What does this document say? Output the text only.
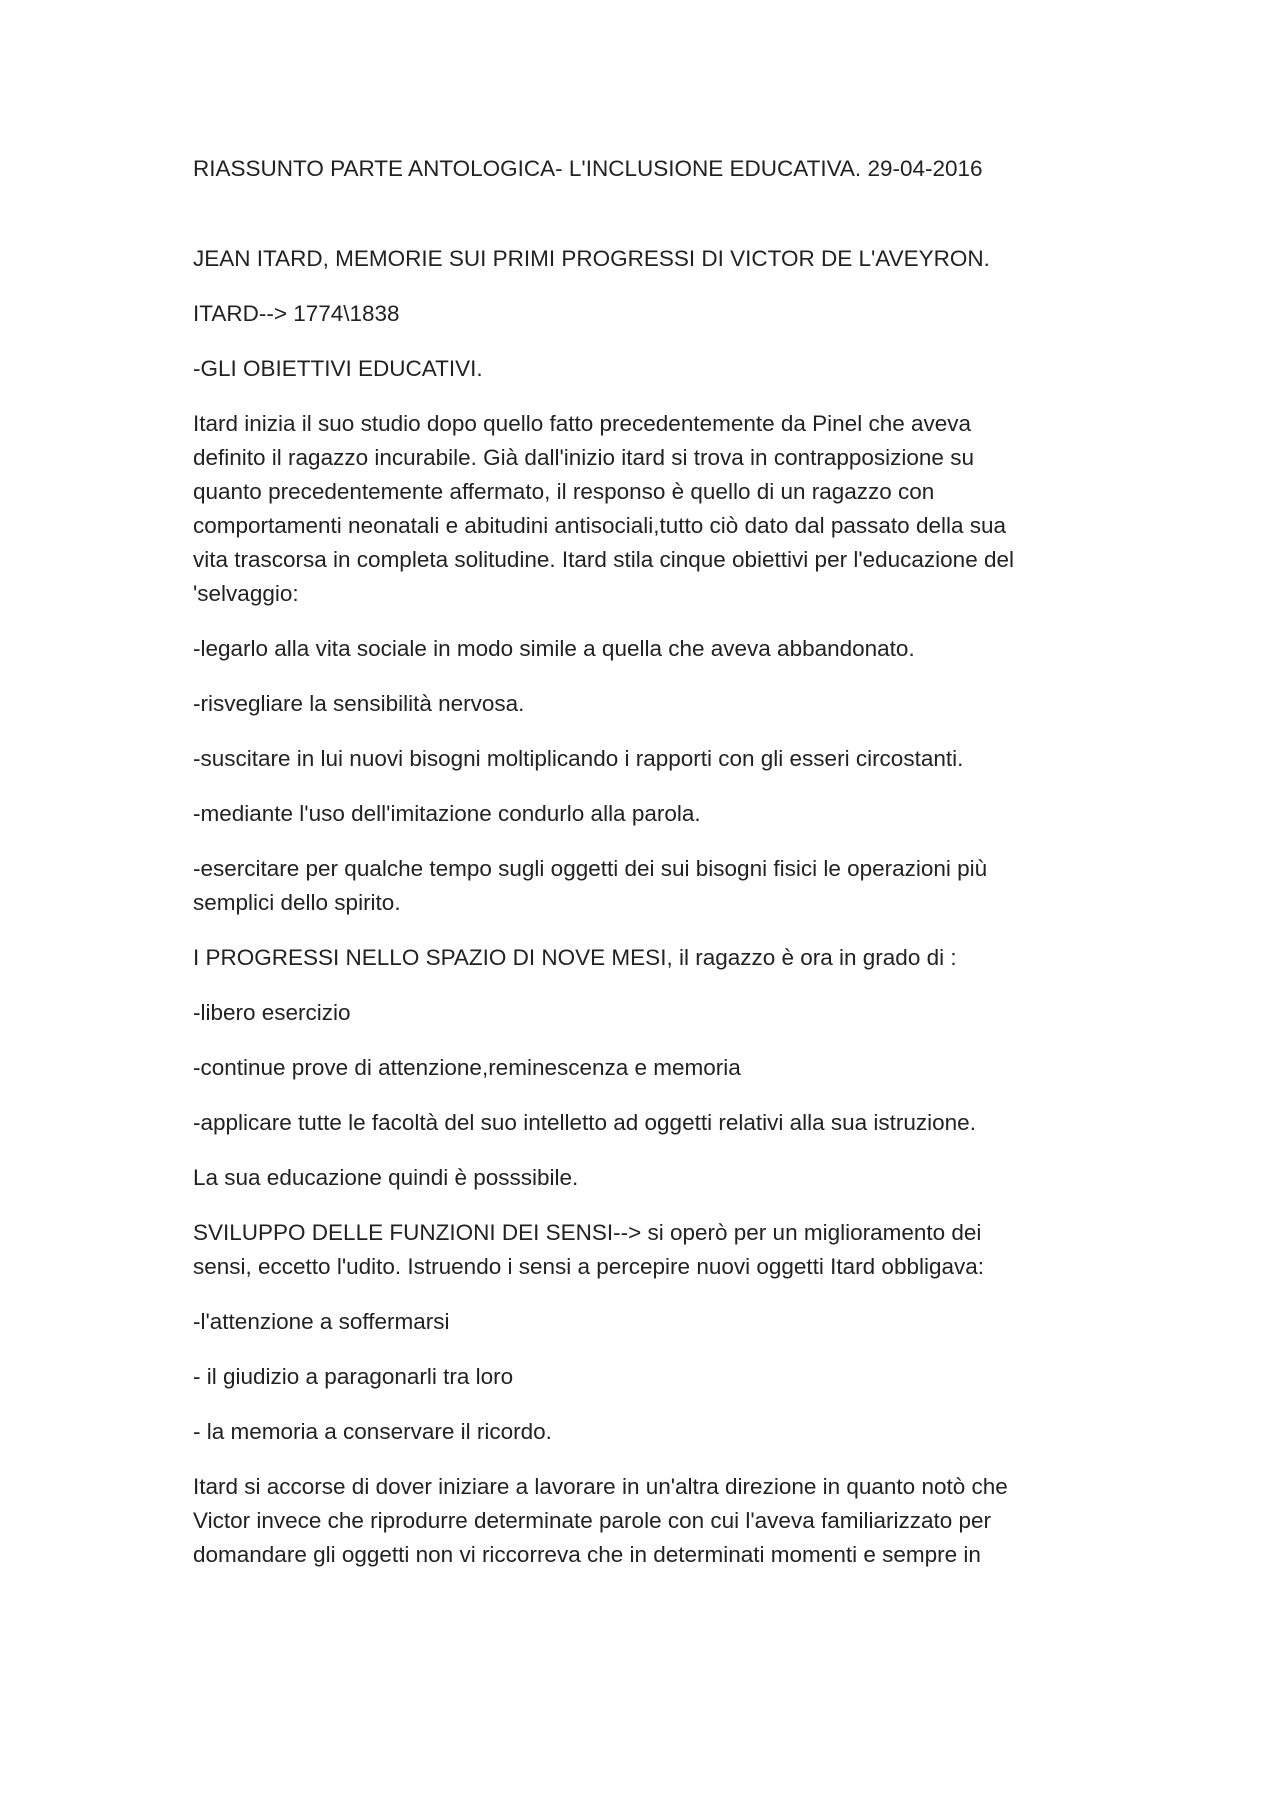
RIASSUNTO PARTE ANTOLOGICA- L'INCLUSIONE EDUCATIVA. 29-04-2016

JEAN ITARD, MEMORIE SUI PRIMI PROGRESSI DI VICTOR DE L'AVEYRON.

ITARD--> 1774\1838

-GLI OBIETTIVI EDUCATIVI.

Itard inizia il suo studio dopo quello fatto precedentemente da Pinel che aveva

definito il ragazzo incurabile. Già dall'inizio itard si trova in contrapposizione su

quanto precedentemente affermato, il responso è quello di un ragazzo con

comportamenti neonatali e abitudini antisociali,tutto ciò dato dal passato della sua

vita trascorsa in completa solitudine. Itard stila cinque obiettivi per l'educazione del

'selvaggio:

-legarlo alla vita sociale in modo simile a quella che aveva abbandonato.

-risvegliare la sensibilità nervosa.

-suscitare in lui nuovi bisogni moltiplicando i rapporti con gli esseri circostanti.

-mediante l'uso dell'imitazione condurlo alla parola.

-esercitare per qualche tempo sugli oggetti dei sui bisogni fisici le operazioni più

semplici dello spirito.

I PROGRESSI NELLO SPAZIO DI NOVE MESI, il ragazzo è ora in grado di :

-libero esercizio

-continue prove di attenzione,reminescenza e memoria

-applicare tutte le facoltà del suo intelletto ad oggetti relativi alla sua istruzione.

La sua educazione quindi è posssibile.

SVILUPPO DELLE FUNZIONI DEI SENSI--> si operò per un miglioramento dei

sensi, eccetto l'udito. Istruendo i sensi a percepire nuovi oggetti Itard obbligava:

-l'attenzione a soffermarsi

- il giudizio a paragonarli tra loro

- la memoria a conservare il ricordo.

Itard si accorse di dover iniziare a lavorare in un'altra direzione in quanto notò che

Victor invece che riprodurre determinate parole con cui l'aveva familiarizzato per

domandare gli oggetti non vi riccorreva che in determinati momenti e sempre in
